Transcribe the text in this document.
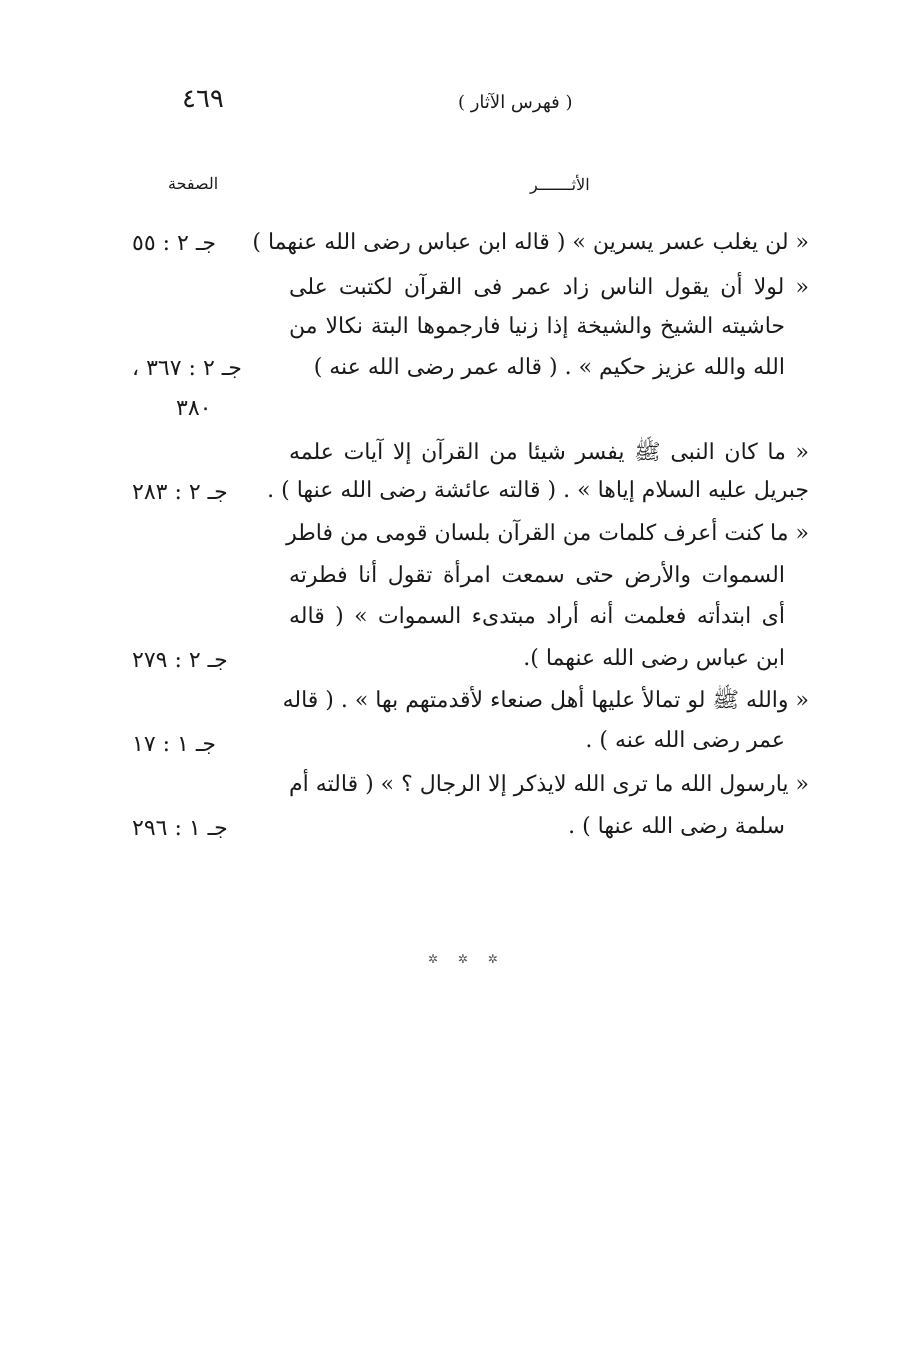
٤٦٩	( فهرس الآثار )
الصفحة	الأثـــــــر
« لن يغلب عسر يسرين » ( قاله ابن عباس رضى الله عنهما )
جـ ٢ : ٥٥
« لولا أن يقول الناس زاد عمر فى القرآن لكتبت على
حاشيته الشيخ والشيخة إذا زنيا فارجموها البتة نكالا من
الله والله عزيز حكيم » . ( قاله عمر رضى الله عنه )
جـ ٢ : ٣٦٧ ،
٣٨٠
« ما كان النبى ﷺ يفسر شيئا من القرآن إلا آيات علمه
جبريل عليه السلام إياها » . ( قالته عائشة رضى الله عنها ) .
جـ ٢ : ٢٨٣
« ما كنت أعرف كلمات من القرآن بلسان قومى من فاطر
السموات والأرض حتى سمعت امرأة تقول أنا فطرته
أى ابتدأته فعلمت أنه أراد مبتدىء السموات » ( قاله
ابن عباس رضى الله عنهما ).
جـ ٢ : ٢٧٩
« والله ﷺ لو تمالأ عليها أهل صنعاء لأقدمتهم بها » . ( قاله
عمر رضى الله عنه ) .
جـ ١ : ١٧
« يارسول الله ما ترى الله لايذكر إلا الرجال ؟ » ( قالته أم
سلمة رضى الله عنها ) .
جـ ١ : ٢٩٦
✲ ✲ ✲
